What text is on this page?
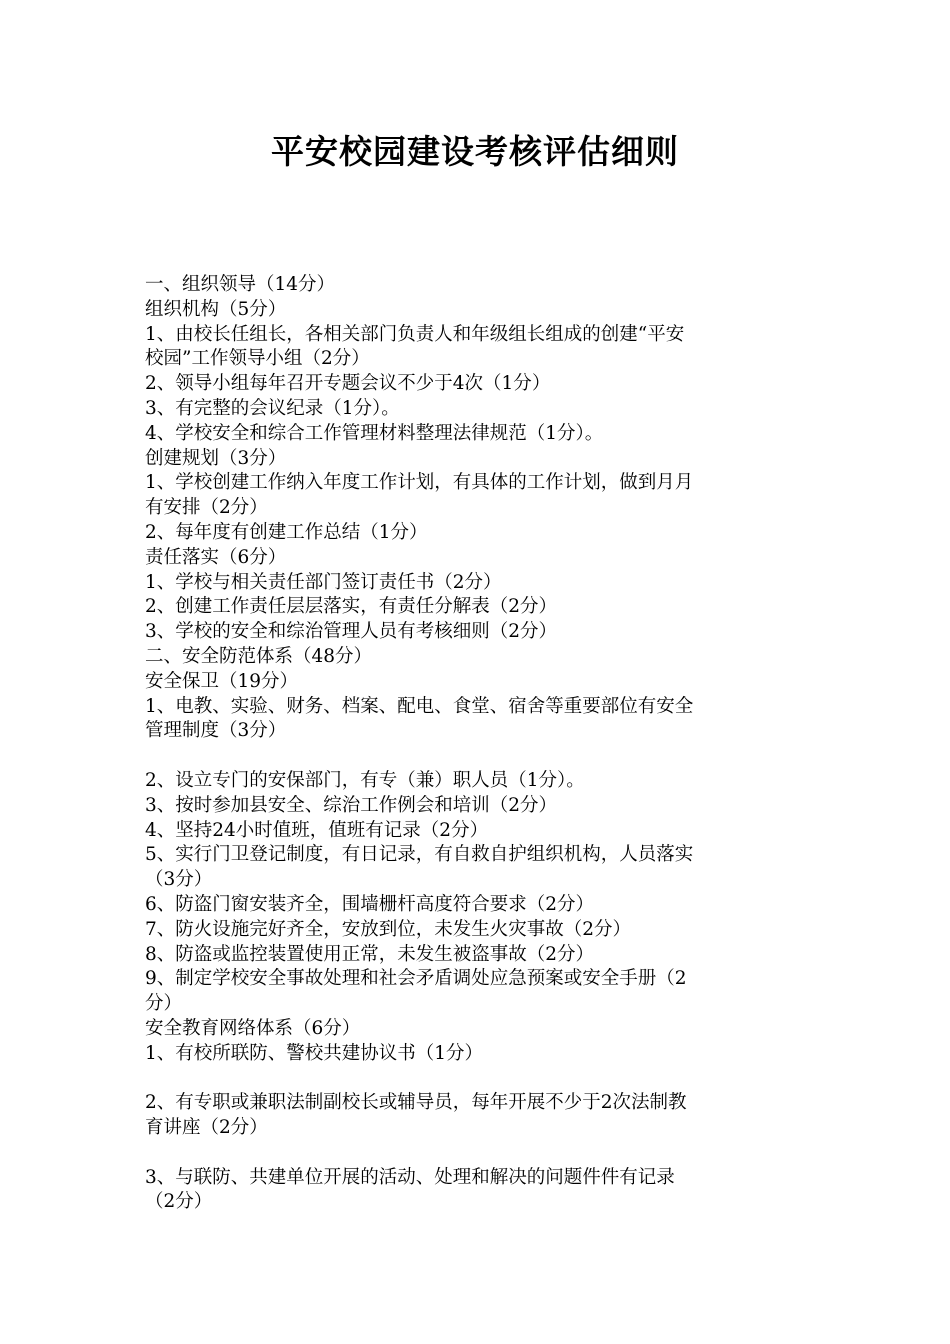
平安校园建设考核评估细则
一、组织领导（14分）
组织机构（5分）
1、由校长任组长，各相关部门负责人和年级组长组成的创建“平安
校园”工作领导小组（2分）
2、领导小组每年召开专题会议不少于4次（1分）
3、有完整的会议纪录（1分）。
4、学校安全和综合工作管理材料整理法律规范（1分）。
创建规划（3分）
1、学校创建工作纳入年度工作计划，有具体的工作计划，做到月月
有安排（2分）
2、每年度有创建工作总结（1分）
责任落实（6分）
1、学校与相关责任部门签订责任书（2分）
2、创建工作责任层层落实，有责任分解表（2分）
3、学校的安全和综治管理人员有考核细则（2分）
二、安全防范体系（48分）
安全保卫（19分）
1、电教、实验、财务、档案、配电、食堂、宿舍等重要部位有安全
管理制度（3分）
2、设立专门的安保部门，有专（兼）职人员（1分）。
3、按时参加县安全、综治工作例会和培训（2分）
4、坚持24小时值班，值班有记录（2分）
5、实行门卫登记制度，有日记录，有自救自护组织机构，人员落实
（3分）
6、防盗门窗安装齐全，围墙栅杆高度符合要求（2分）
7、防火设施完好齐全，安放到位，未发生火灾事故（2分）
8、防盗或监控装置使用正常，未发生被盗事故（2分）
9、制定学校安全事故处理和社会矛盾调处应急预案或安全手册（2
分）
安全教育网络体系（6分）
1、有校所联防、警校共建协议书（1分）
2、有专职或兼职法制副校长或辅导员，每年开展不少于2次法制教
育讲座（2分）
3、与联防、共建单位开展的活动、处理和解决的问题件件有记录
（2分）
